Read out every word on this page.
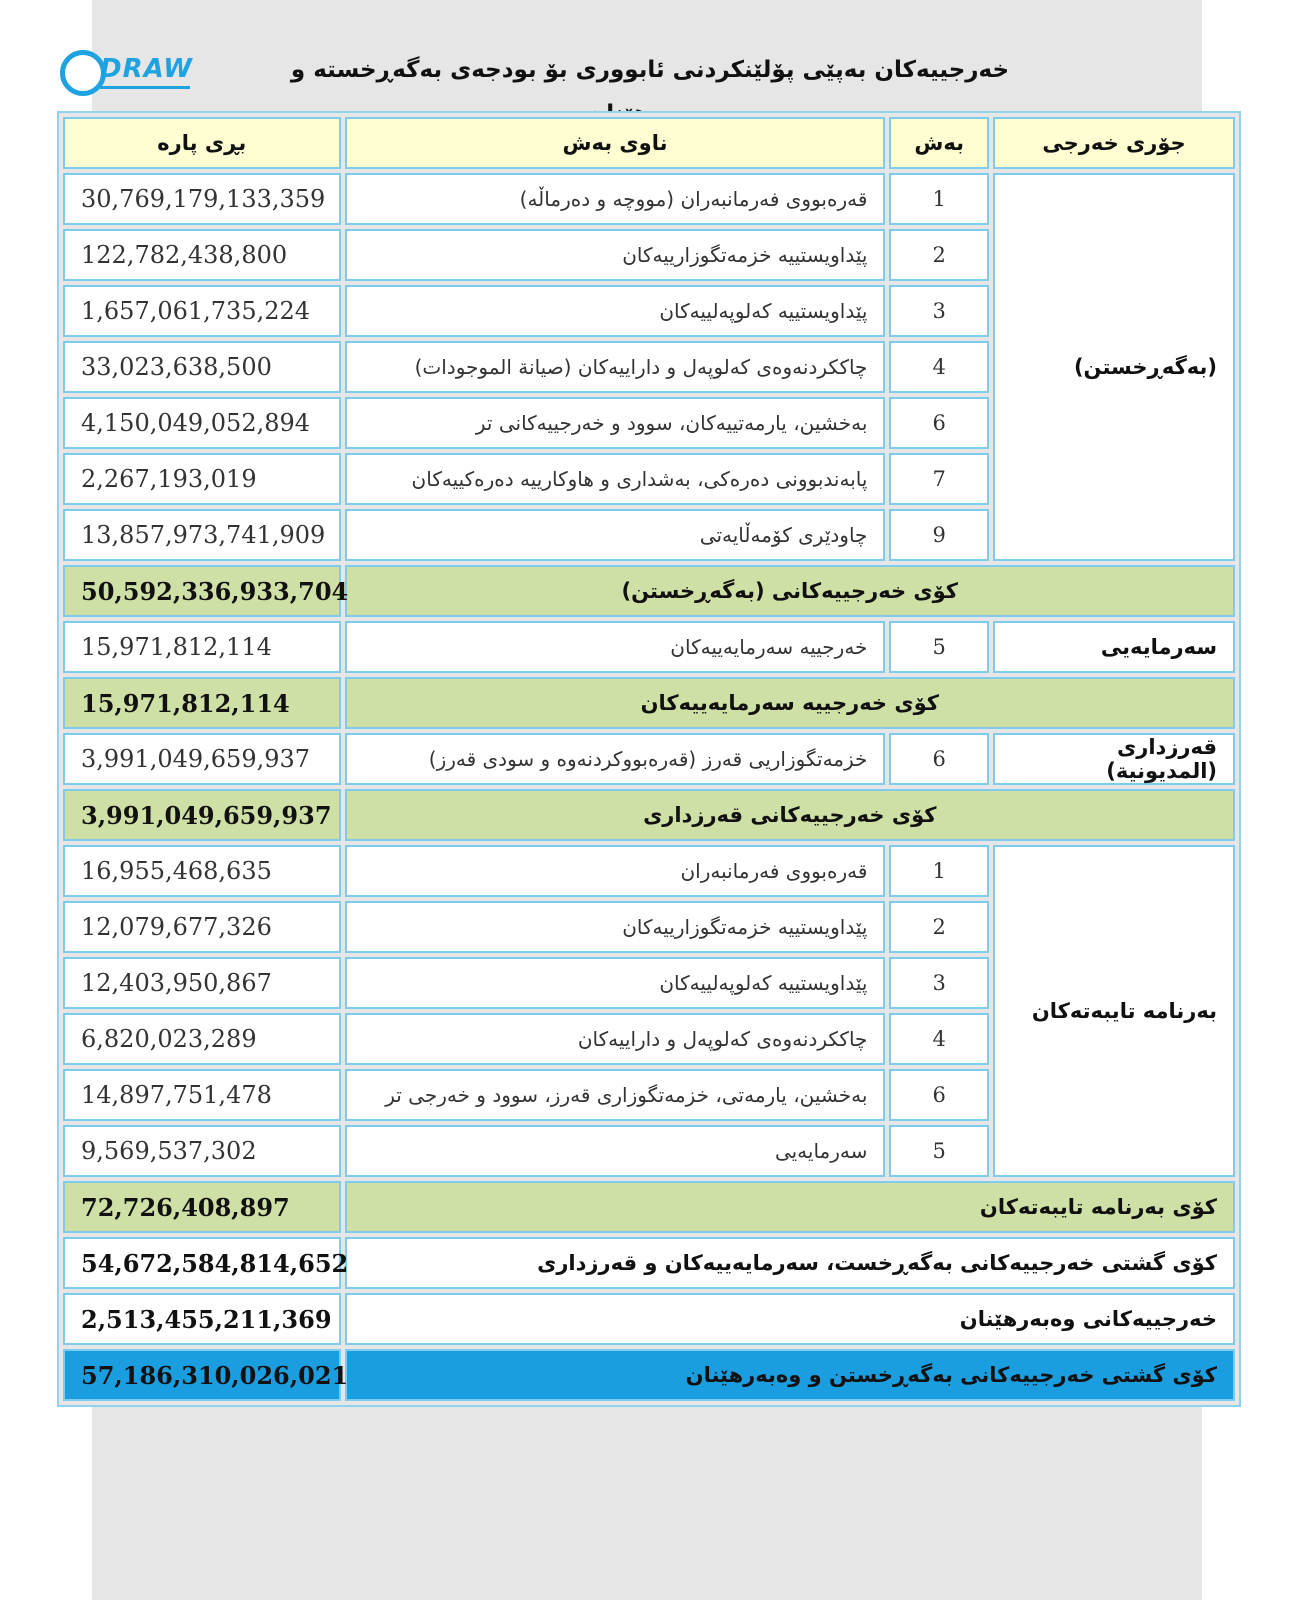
DRAW	خەرجییەکان بەپێی پۆلێنکردنی ئابووری بۆ بودجەی بەگەڕخستە و
جۆری خەرجی	بەش	ناوی بەش	بڕی پارە
(بەگەڕخستن)	1	قەرەبووی فەرمانبەران (مووچە و دەرماڵە)	30,769,179,133,359
	2	پێداویستییە خزمەتگوزارییەکان	122,782,438,800
	3	پێداویستییە کەلوپەلییەکان	1,657,061,735,224
	4	چاککردنەوەی کەلوپەل و داراییەکان (صيانة الموجودات)	33,023,638,500
	6	بەخشین، یارمەتییەکان، سوود و خەرجییەکانی تر	4,150,049,052,894
	7	پابەندبوونی دەرەکی، بەشداری و هاوکارییە دەرەکییەکان	2,267,193,019
	9	چاودێری کۆمەڵایەتی	13,857,973,741,909
کۆی خەرجییەکانی (بەگەڕخستن)			50,592,336,933,704
سەرمایەیی	5	خەرجییە سەرمایەییەکان	15,971,812,114
کۆی خەرجییە سەرمایەییەکان			15,971,812,114
قەرزداری (المديونية)	6	خزمەتگوزاریی قەرز (قەرەبووکردنەوە و سودی قەرز)	3,991,049,659,937
کۆی خەرجییەکانی قەرزداری			3,991,049,659,937
بەرنامە تایبەتەکان	1	قەرەبووی فەرمانبەران	16,955,468,635
	2	پێداویستییە خزمەتگوزارییەکان	12,079,677,326
	3	پێداویستییە کەلوپەلییەکان	12,403,950,867
	4	چاککردنەوەی کەلوپەل و داراییەکان	6,820,023,289
	6	بەخشین، یارمەتی، خزمەتگوزاری قەرز، سوود و خەرجی تر	14,897,751,478
	5	سەرمایەیی	9,569,537,302
کۆی بەرنامە تایبەتەکان			72,726,408,897
کۆی گشتی خەرجییەکانی بەگەڕخست، سەرمایەییەکان و قەرزداری			54,672,584,814,652
خەرجییەکانی وەبەرهێنان			2,513,455,211,369
کۆی گشتی خەرجییەکانی بەگەڕخستن و وەبەرهێنان			57,186,310,026,021
